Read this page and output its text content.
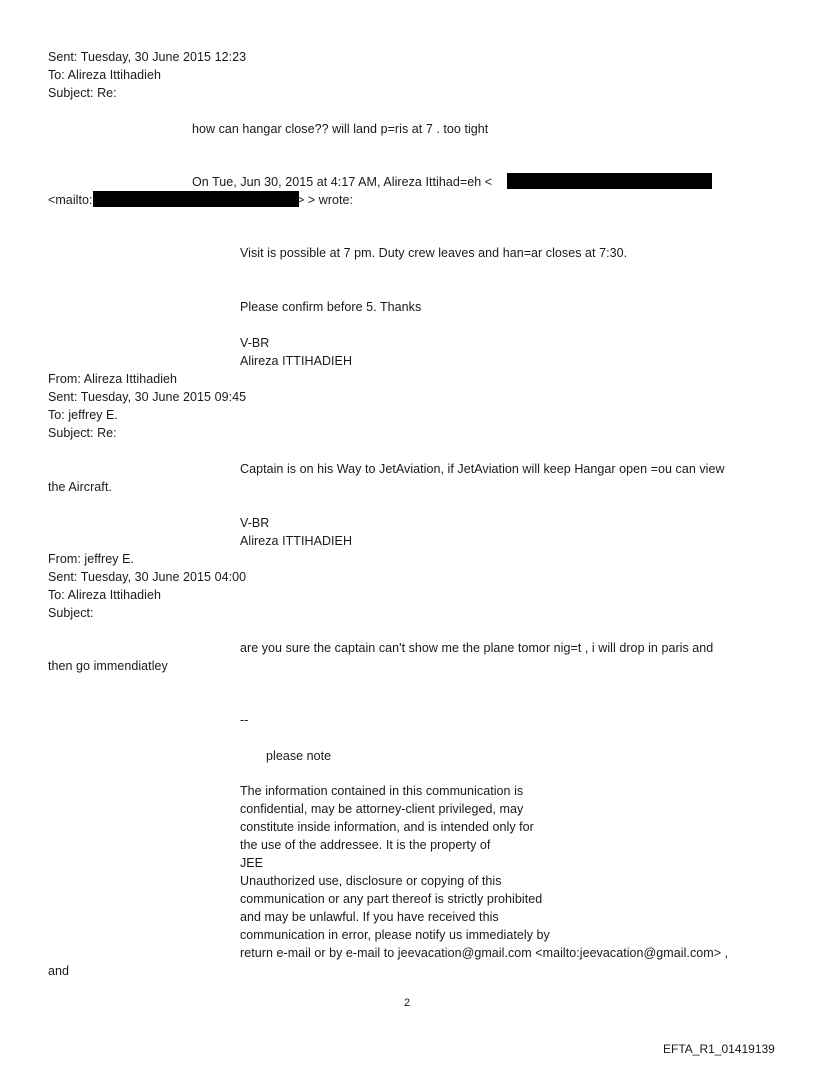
Sent: Tuesday, 30 June 2015 12:23
To: Alireza Ittihadieh
Subject: Re:
how can hangar close?? will land p=ris at 7 . too tight
On Tue, Jun 30, 2015 at 4:17 AM, Alireza Ittihad=eh <
<mailto:	> > wrote:
Visit is possible at 7 pm. Duty crew leaves and han=ar closes at 7:30.
Please confirm before 5. Thanks
V-BR
Alireza ITTIHADIEH
From: Alireza Ittihadieh
Sent: Tuesday, 30 June 2015 09:45
To: jeffrey E.
Subject: Re:
Captain is on his Way to JetAviation, if JetAviation will keep Hangar open =ou can view
the Aircraft.
V-BR
Alireza ITTIHADIEH
From: jeffrey E.
Sent: Tuesday, 30 June 2015 04:00
To: Alireza Ittihadieh
Subject:
are you sure the captain can't show me the plane tomor nig=t , i will drop in paris and
then go immendiatley
--
please note
The information contained in this communication is
confidential, may be attorney-client privileged, may
constitute inside information, and is intended only for
the use of the addressee. It is the property of
JEE
Unauthorized use, disclosure or copying of this
communication or any part thereof is strictly prohibited
and may be unlawful. If you have received this
communication in error, please notify us immediately by
return e-mail or by e-mail to jeevacation@gmail.com <mailto:jeevacation@gmail.com> ,
and
2
EFTA_R1_01419139
